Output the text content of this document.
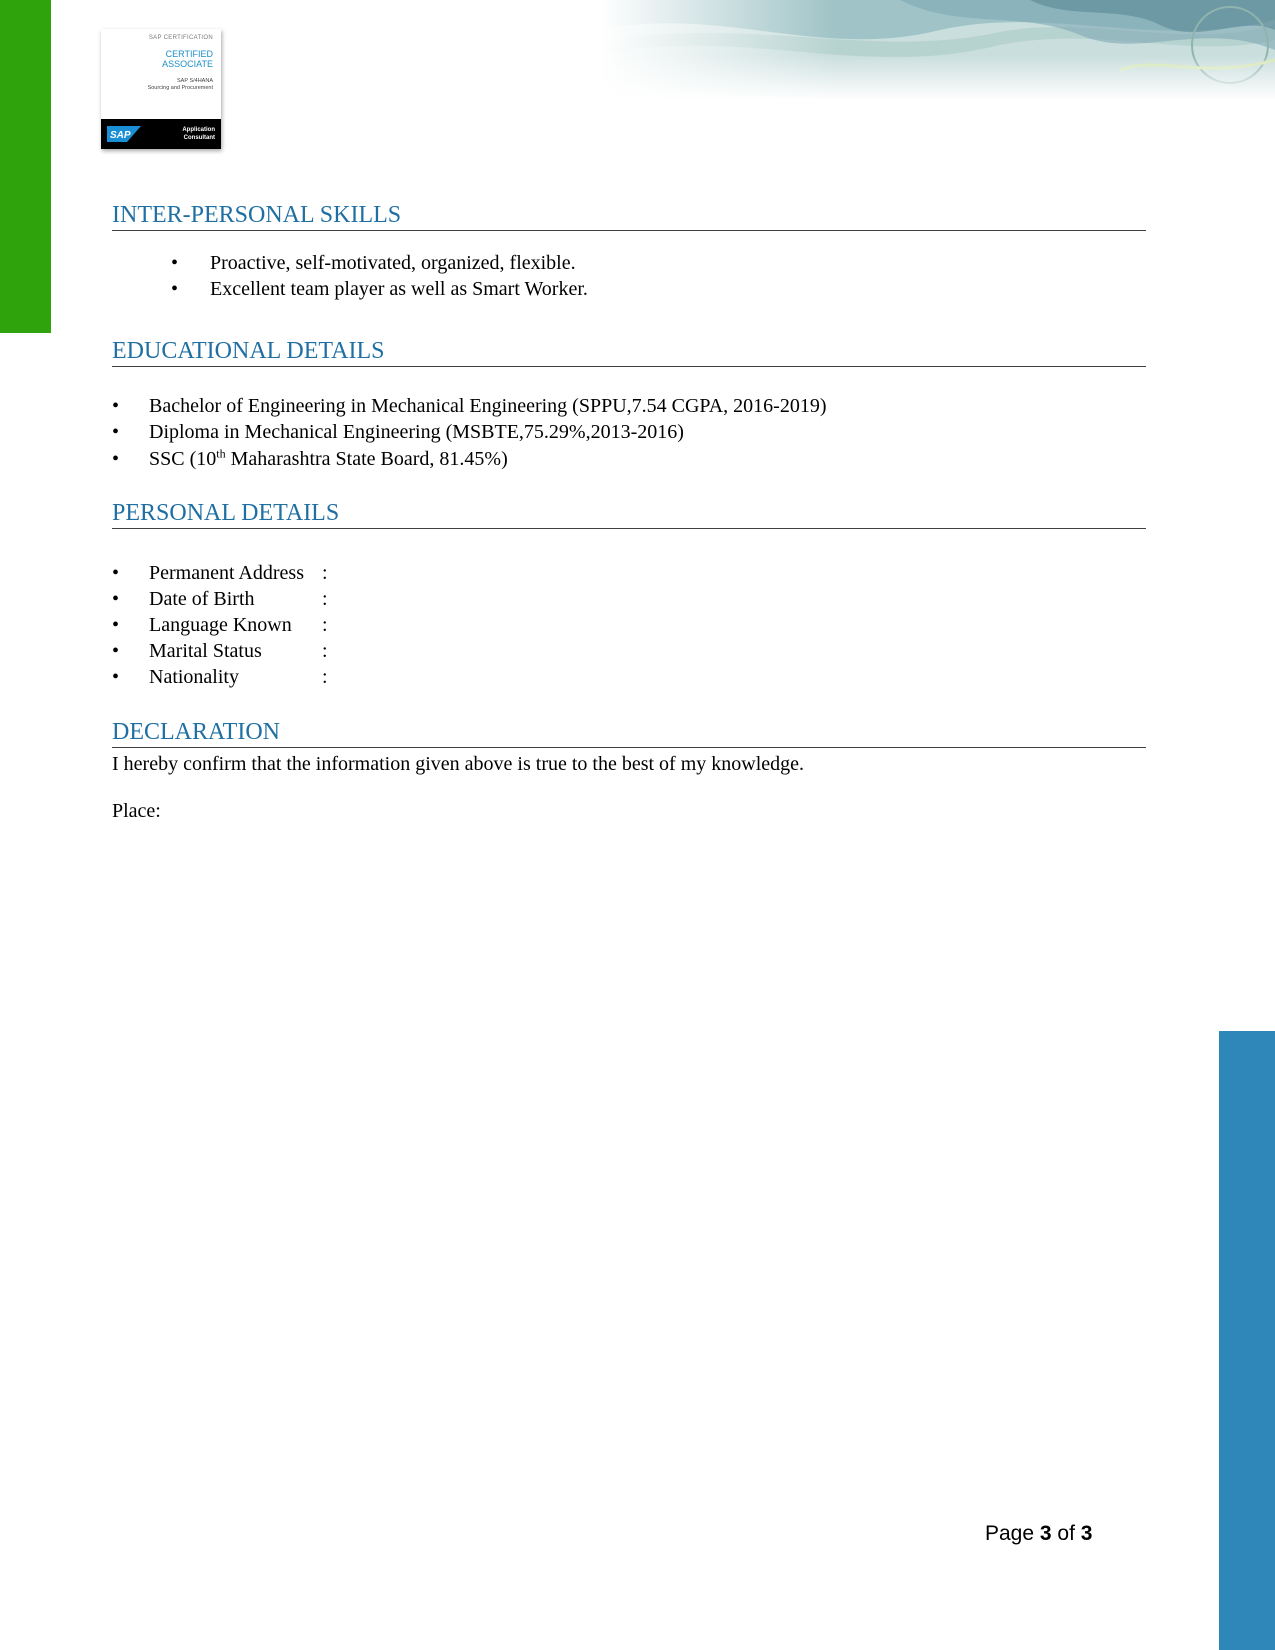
SAP CERTIFICATION
CERTIFIED ASSOCIATE
SAP S/4HANA
Sourcing and Procurement
SAP	Application
Consultant
INTER-PERSONAL SKILLS
• Proactive, self-motivated, organized, flexible.
• Excellent team player as well as Smart Worker.
EDUCATIONAL DETAILS
• Bachelor of Engineering in Mechanical Engineering (SPPU,7.54 CGPA, 2016-2019)
• Diploma in Mechanical Engineering (MSBTE,75.29%,2013-2016)
• SSC (10th Maharashtra State Board, 81.45%)
PERSONAL DETAILS
• Permanent Address :
• Date of Birth	:
• Language Known :
• Marital Status	:
• Nationality	:
DECLARATION
I hereby confirm that the information given above is true to the best of my knowledge.
Place:
Page 3 of 3
